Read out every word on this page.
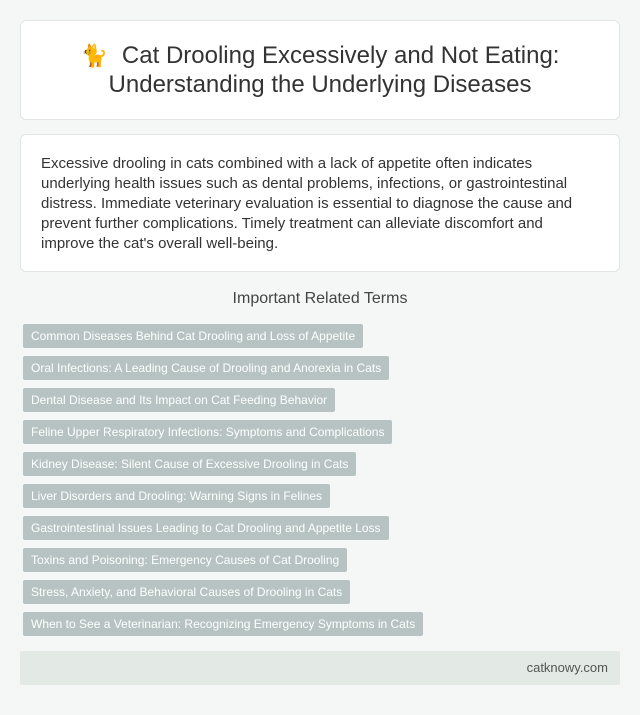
🐈 Cat Drooling Excessively and Not Eating: Understanding the Underlying Diseases

Excessive drooling in cats combined with a lack of appetite often indicates underlying health issues such as dental problems, infections, or gastrointestinal distress. Immediate veterinary evaluation is essential to diagnose the cause and prevent further complications. Timely treatment can alleviate discomfort and improve the cat's overall well-being.

Important Related Terms
Common Diseases Behind Cat Drooling and Loss of Appetite
Oral Infections: A Leading Cause of Drooling and Anorexia in Cats
Dental Disease and Its Impact on Cat Feeding Behavior
Feline Upper Respiratory Infections: Symptoms and Complications
Kidney Disease: Silent Cause of Excessive Drooling in Cats
Liver Disorders and Drooling: Warning Signs in Felines
Gastrointestinal Issues Leading to Cat Drooling and Appetite Loss
Toxins and Poisoning: Emergency Causes of Cat Drooling
Stress, Anxiety, and Behavioral Causes of Drooling in Cats
When to See a Veterinarian: Recognizing Emergency Symptoms in Cats
catknowy.com
